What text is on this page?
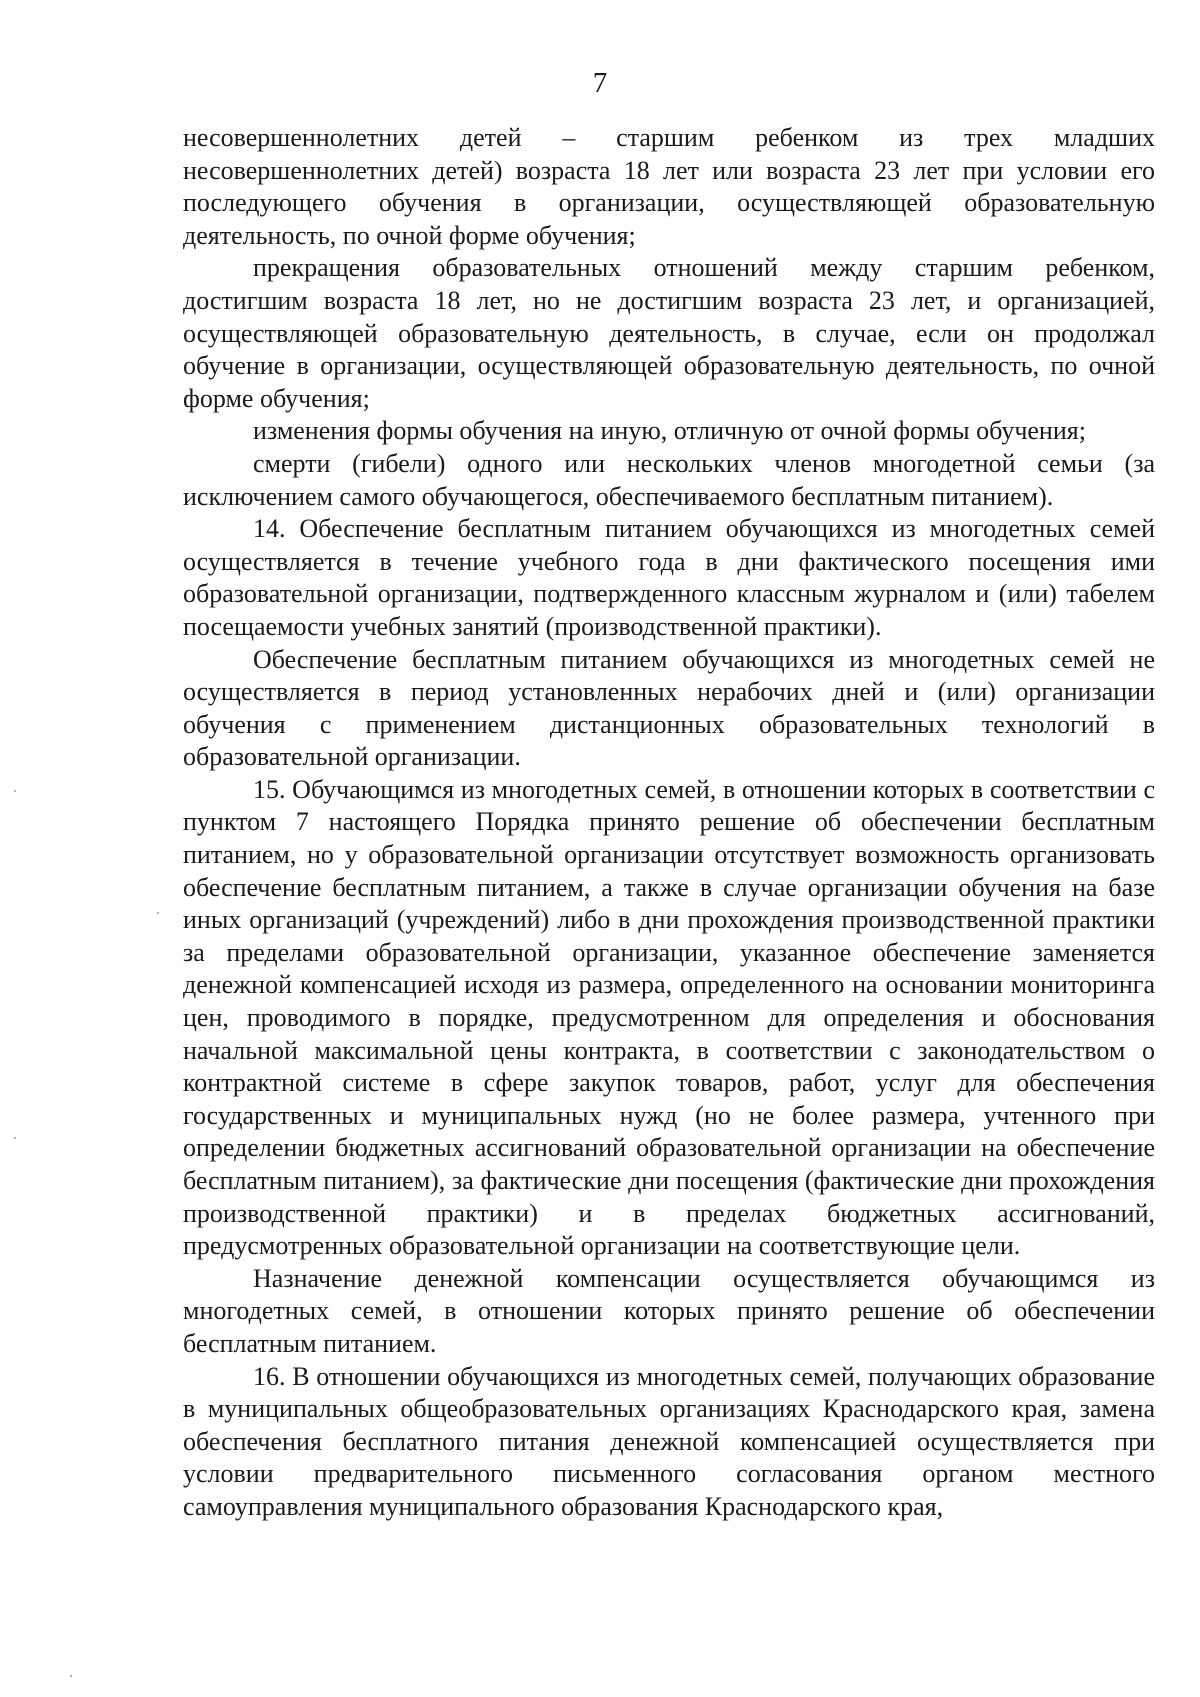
7

несовершеннолетних детей – старшим ребенком из трех младших несовершеннолетних детей) возраста 18 лет или возраста 23 лет при условии его последующего обучения в организации, осуществляющей образовательную деятельность, по очной форме обучения;

прекращения образовательных отношений между старшим ребенком, достигшим возраста 18 лет, но не достигшим возраста 23 лет, и организацией, осуществляющей образовательную деятельность, в случае, если он продолжал обучение в организации, осуществляющей образовательную деятельность, по очной форме обучения;

изменения формы обучения на иную, отличную от очной формы обучения;

смерти (гибели) одного или нескольких членов многодетной семьи (за исключением самого обучающегося, обеспечиваемого бесплатным питанием).

14. Обеспечение бесплатным питанием обучающихся из многодетных семей осуществляется в течение учебного года в дни фактического посещения ими образовательной организации, подтвержденного классным журналом и (или) табелем посещаемости учебных занятий (производственной практики).

Обеспечение бесплатным питанием обучающихся из многодетных семей не осуществляется в период установленных нерабочих дней и (или) организации обучения с применением дистанционных образовательных технологий в образовательной организации.

15. Обучающимся из многодетных семей, в отношении которых в соответствии с пунктом 7 настоящего Порядка принято решение об обеспечении бесплатным питанием, но у образовательной организации отсутствует возможность организовать обеспечение бесплатным питанием, а также в случае организации обучения на базе иных организаций (учреждений) либо в дни прохождения производственной практики за пределами образовательной организации, указанное обеспечение заменяется денежной компенсацией исходя из размера, определенного на основании мониторинга цен, проводимого в порядке, предусмотренном для определения и обоснования начальной максимальной цены контракта, в соответствии с законодательством о контрактной системе в сфере закупок товаров, работ, услуг для обеспечения государственных и муниципальных нужд (но не более размера, учтенного при определении бюджетных ассигнований образовательной организации на обеспечение бесплатным питанием), за фактические дни посещения (фактические дни прохождения производственной практики) и в пределах бюджетных ассигнований, предусмотренных образовательной организации на соответствующие цели.

Назначение денежной компенсации осуществляется обучающимся из многодетных семей, в отношении которых принято решение об обеспечении бесплатным питанием.

16. В отношении обучающихся из многодетных семей, получающих образование в муниципальных общеобразовательных организациях Краснодарского края, замена обеспечения бесплатного питания денежной компенсацией осуществляется при условии предварительного письменного согласования органом местного самоуправления муниципального образования Краснодарского края,
